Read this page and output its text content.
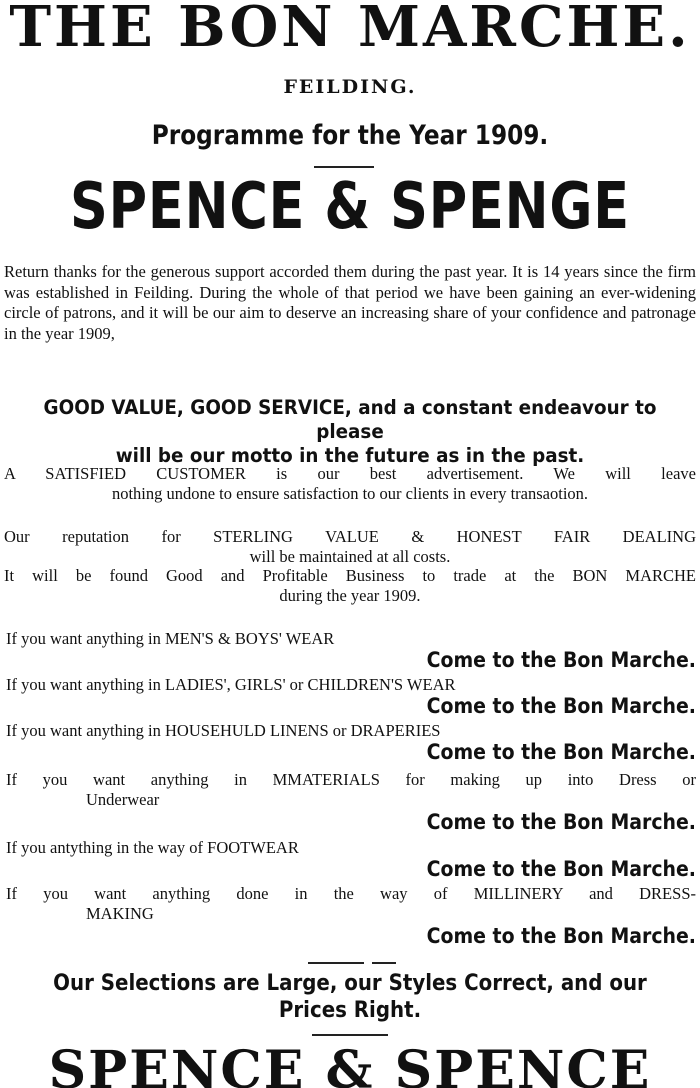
THE BON MARCHE.
FEILDING.
Programme for the Year 1909.
SPENCE & SPENGE
Return thanks for the generous support accorded them during the past year. It is 14 years since the firm was established in Feilding. During the whole of that period we have been gaining an ever-widening circle of patrons, and it will be our aim to deserve an increasing share of your confidence and patronage in the year 1909,
GOOD VALUE, GOOD SERVICE, and a constant endeavour to please
will be our motto in the future as in the past.
A SATISFIED CUSTOMER is our best advertisement. We will leave
nothing undone to ensure satisfaction to our clients in every transaotion.
Our reputation for STERLING VALUE & HONEST FAIR DEALING
will be maintained at all costs.
It will be found Good and Profitable Business to trade at the BON MARCHE
during the year 1909.
If you want anything in MEN'S & BOYS' WEAR
Come to the Bon Marche.
If you want anything in LADIES', GIRLS' or CHILDREN'S WEAR
Come to the Bon Marche.
If you want anything in HOUSEHULD LINENS or DRAPERIES
Come to the Bon Marche.
If you want anything in MMATERIALS for making up into Dress or
Underwear
Come to the Bon Marche.
If you antything in the way of FOOTWEAR
Come to the Bon Marche.
If you want anything done in the way of MILLINERY and DRESS-
MAKING
Come to the Bon Marche.
Our Selections are Large, our Styles Correct, and our
Prices Right.
SPENCE & SPENCE
